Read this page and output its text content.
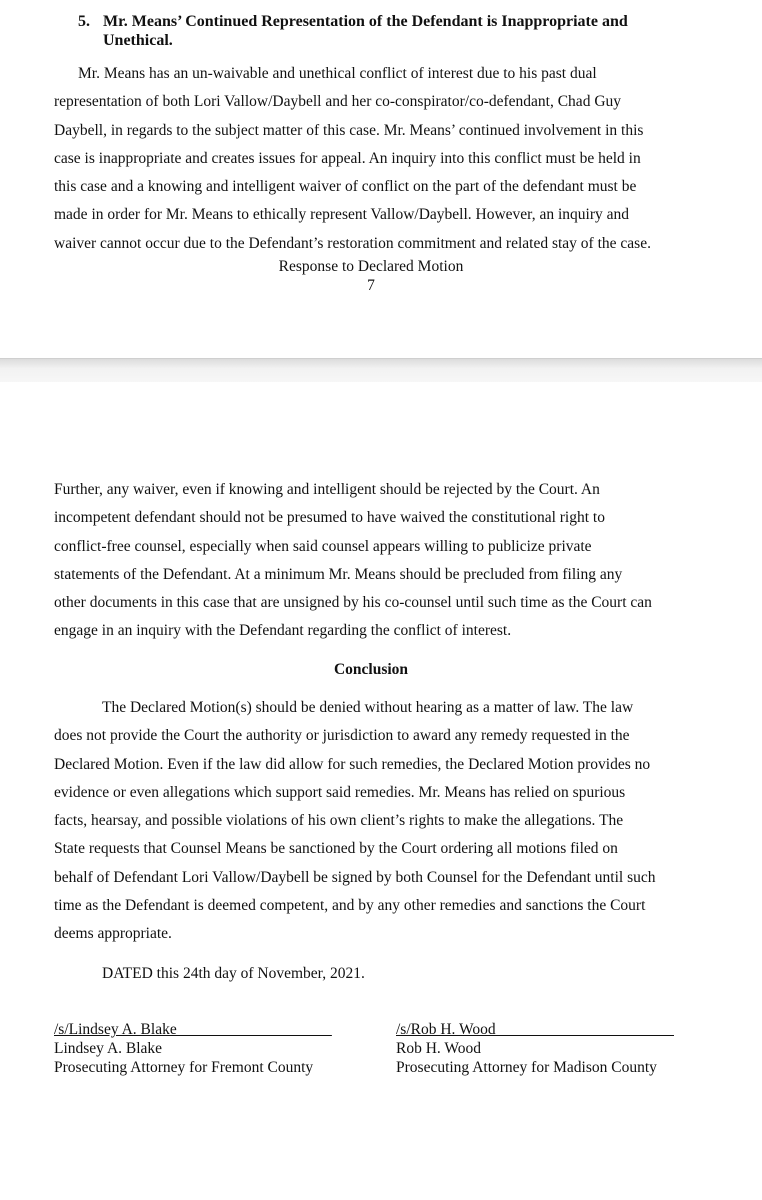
5. Mr. Means’ Continued Representation of the Defendant is Inappropriate and Unethical.
Mr. Means has an un-waivable and unethical conflict of interest due to his past dual
representation of both Lori Vallow/Daybell and her co-conspirator/co-defendant, Chad Guy
Daybell, in regards to the subject matter of this case. Mr. Means’ continued involvement in this
case is inappropriate and creates issues for appeal. An inquiry into this conflict must be held in
this case and a knowing and intelligent waiver of conflict on the part of the defendant must be
made in order for Mr. Means to ethically represent Vallow/Daybell. However, an inquiry and
waiver cannot occur due to the Defendant’s restoration commitment and related stay of the case.
Response to Declared Motion
7
Further, any waiver, even if knowing and intelligent should be rejected by the Court. An
incompetent defendant should not be presumed to have waived the constitutional right to
conflict-free counsel, especially when said counsel appears willing to publicize private
statements of the Defendant. At a minimum Mr. Means should be precluded from filing any
other documents in this case that are unsigned by his co-counsel until such time as the Court can
engage in an inquiry with the Defendant regarding the conflict of interest.
Conclusion
The Declared Motion(s) should be denied without hearing as a matter of law. The law
does not provide the Court the authority or jurisdiction to award any remedy requested in the
Declared Motion. Even if the law did allow for such remedies, the Declared Motion provides no
evidence or even allegations which support said remedies. Mr. Means has relied on spurious
facts, hearsay, and possible violations of his own client’s rights to make the allegations. The
State requests that Counsel Means be sanctioned by the Court ordering all motions filed on
behalf of Defendant Lori Vallow/Daybell be signed by both Counsel for the Defendant until such
time as the Defendant is deemed competent, and by any other remedies and sanctions the Court
deems appropriate.
DATED this 24th day of November, 2021.
/s/Lindsey A. Blake____________________
Lindsey A. Blake
Prosecuting Attorney for Fremont County
/s/Rob H. Wood_______________________
Rob H. Wood
Prosecuting Attorney for Madison County
